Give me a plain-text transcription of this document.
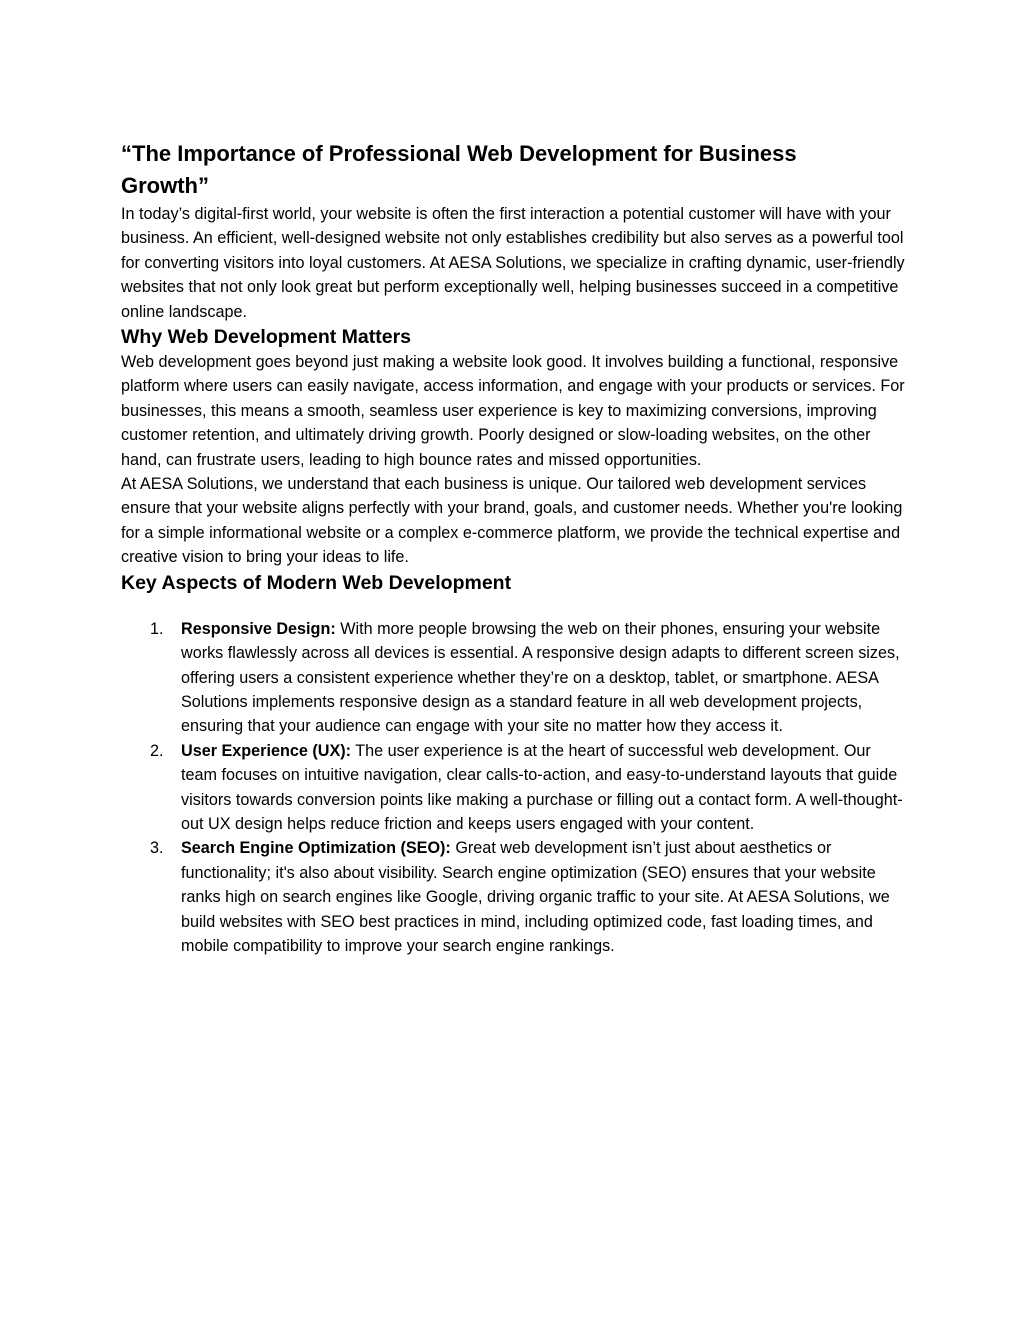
“The Importance of Professional Web Development for Business Growth”

In today’s digital-first world, your website is often the first interaction a potential customer will have with your business. An efficient, well-designed website not only establishes credibility but also serves as a powerful tool for converting visitors into loyal customers. At AESA Solutions, we specialize in crafting dynamic, user-friendly websites that not only look great but perform exceptionally well, helping businesses succeed in a competitive online landscape.

Why Web Development Matters

Web development goes beyond just making a website look good. It involves building a functional, responsive platform where users can easily navigate, access information, and engage with your products or services. For businesses, this means a smooth, seamless user experience is key to maximizing conversions, improving customer retention, and ultimately driving growth. Poorly designed or slow-loading websites, on the other hand, can frustrate users, leading to high bounce rates and missed opportunities.

At AESA Solutions, we understand that each business is unique. Our tailored web development services ensure that your website aligns perfectly with your brand, goals, and customer needs. Whether you're looking for a simple informational website or a complex e-commerce platform, we provide the technical expertise and creative vision to bring your ideas to life.

Key Aspects of Modern Web Development
1. Responsive Design: With more people browsing the web on their phones, ensuring your website works flawlessly across all devices is essential. A responsive design adapts to different screen sizes, offering users a consistent experience whether they’re on a desktop, tablet, or smartphone. AESA Solutions implements responsive design as a standard feature in all web development projects, ensuring that your audience can engage with your site no matter how they access it.
2. User Experience (UX): The user experience is at the heart of successful web development. Our team focuses on intuitive navigation, clear calls-to-action, and easy-to-understand layouts that guide visitors towards conversion points like making a purchase or filling out a contact form. A well-thought-out UX design helps reduce friction and keeps users engaged with your content.
3. Search Engine Optimization (SEO): Great web development isn’t just about aesthetics or functionality; it's also about visibility. Search engine optimization (SEO) ensures that your website ranks high on search engines like Google, driving organic traffic to your site. At AESA Solutions, we build websites with SEO best practices in mind, including optimized code, fast loading times, and mobile compatibility to improve your search engine rankings.
